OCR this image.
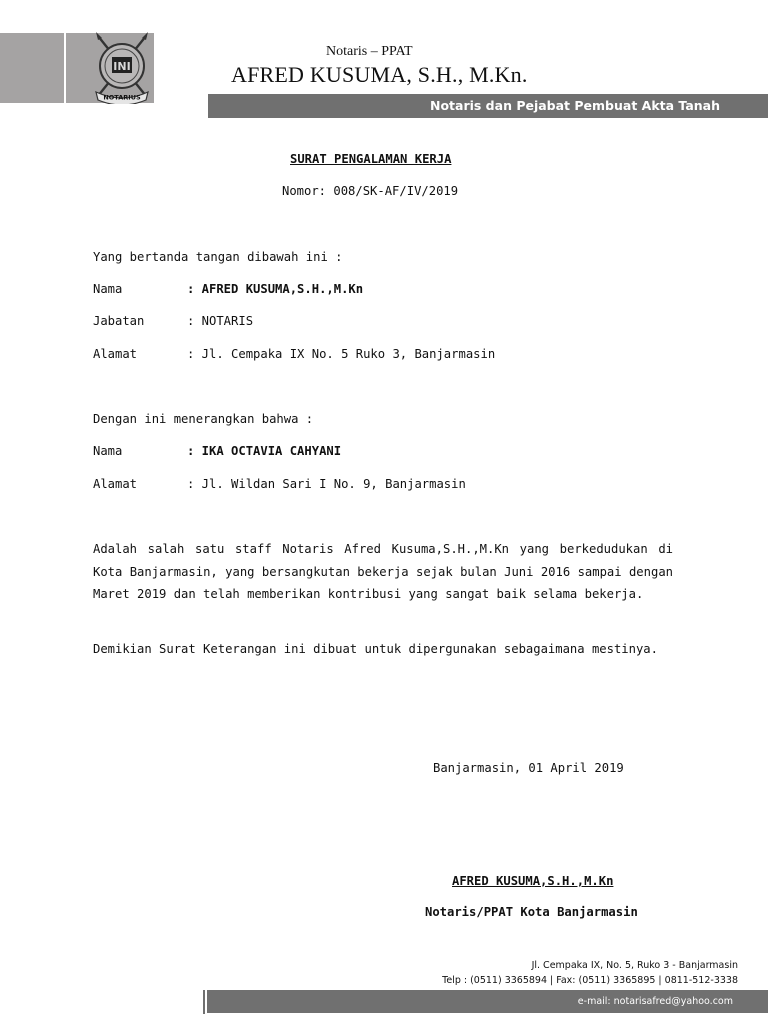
INI
NOTARIUS
Notaris – PPAT
AFRED KUSUMA, S.H., M.Kn.
Notaris dan Pejabat Pembuat Akta Tanah
SURAT PENGALAMAN KERJA
Nomor: 008/SK-AF/IV/2019
Yang bertanda tangan dibawah ini :
Nama	: AFRED KUSUMA,S.H.,M.Kn
Jabatan	: NOTARIS
Alamat	: Jl. Cempaka IX No. 5 Ruko 3, Banjarmasin
Dengan ini menerangkan bahwa :
Nama	: IKA OCTAVIA CAHYANI
Alamat	: Jl. Wildan Sari I No. 9, Banjarmasin
Adalah salah satu staff Notaris Afred Kusuma,S.H.,M.Kn yang berkedudukan di Kota Banjarmasin, yang bersangkutan bekerja sejak bulan Juni 2016 sampai dengan Maret 2019 dan telah memberikan kontribusi yang sangat baik selama bekerja.
Demikian Surat Keterangan ini dibuat untuk dipergunakan sebagaimana mestinya.
Banjarmasin, 01 April 2019
AFRED KUSUMA,S.H.,M.Kn
Notaris/PPAT Kota Banjarmasin
Jl. Cempaka IX, No. 5, Ruko 3 - Banjarmasin
Telp : (0511) 3365894 | Fax: (0511) 3365895 | 0811-512-3338
e-mail: notarisafred@yahoo.com
